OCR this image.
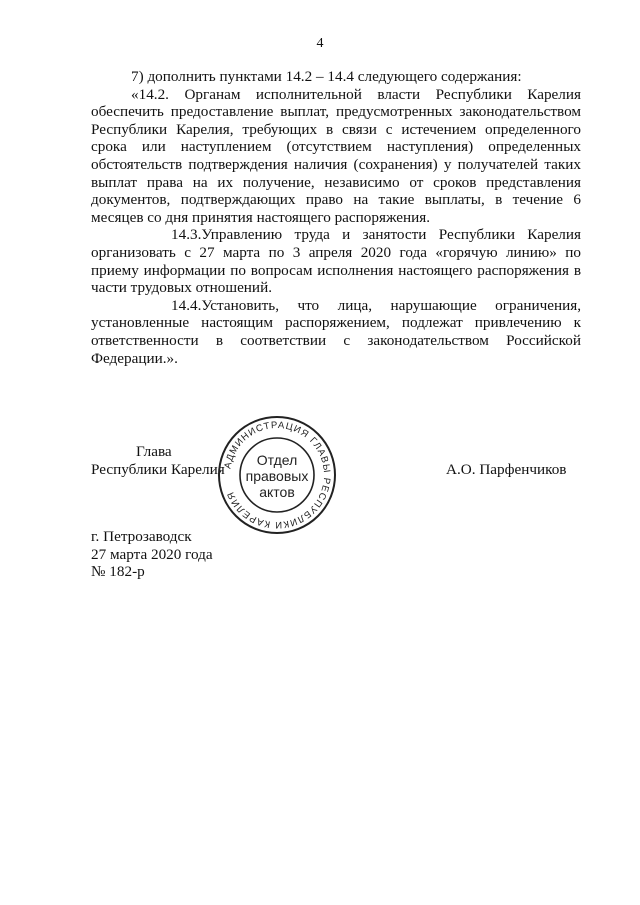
4

7) дополнить пунктами 14.2 – 14.4 следующего содержания:

«14.2. Органам исполнительной власти Республики Карелия обеспечить предоставление выплат, предусмотренных законодательством Республики Карелия, требующих в связи с истечением определенного срока или наступлением (отсутствием наступления) определенных обстоятельств подтверждения наличия (сохранения) у получателей таких выплат права на их получение, независимо от сроков представления документов, подтверждающих право на такие выплаты, в течение 6 месяцев со дня принятия настоящего распоряжения.

14.3.Управлению труда и занятости Республики Карелия организовать с 27 марта по 3 апреля 2020 года «горячую линию» по приему информации по вопросам исполнения настоящего распоряжения в части трудовых отношений.

14.4.Установить, что лица, нарушающие ограничения, установленные настоящим распоряжением, подлежат привлечению к ответственности в соответствии с законодательством Российской Федерации.».

Глава
Республики Карелия	А.О. Парфенчиков
АДМИНИСТРАЦИЯ ГЛАВЫ РЕСПУБЛИКИ КАРЕЛИЯ
Отдел
правовых
актов
г. Петрозаводск
27 марта 2020 года
№ 182-р
